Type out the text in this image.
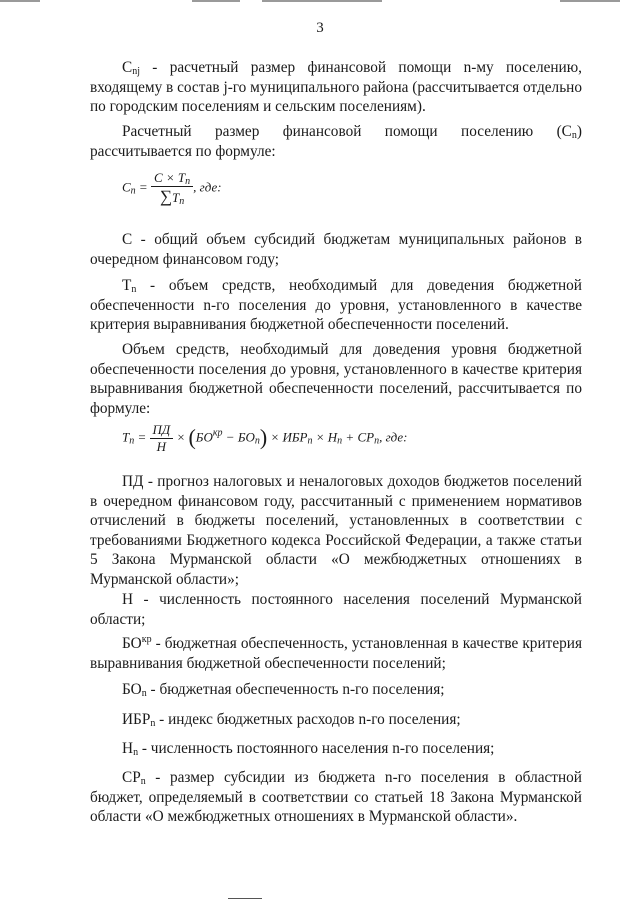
3

$C_{nj}$ - расчетный размер финансовой помощи n-му поселению, входящему в состав j-го муниципального района (рассчитывается отдельно по городским поселениям и сельским поселениям).

Расчетный размер финансовой помощи поселению $(C_n)$ рассчитывается по формуле:

$C_n = \frac{C \times T_n}{\sum T_n}$ , где:

С - общий объем субсидий бюджетам муниципальных районов в очередном финансовом году;

$Т_n$ - объем средств, необходимый для доведения бюджетной обеспеченности n-го поселения до уровня, установленного в качестве критерия выравнивания бюджетной обеспеченности поселений.

Объем средств, необходимый для доведения уровня бюджетной обеспеченности поселения до уровня, установленного в качестве критерия выравнивания бюджетной обеспеченности поселений, рассчитывается по формуле:

$T_n = \frac{ПД}{Н} \times (БО^{кр} - БО_n) \times ИБР_n \times Н_n + СР_n$, где:

ПД - прогноз налоговых и неналоговых доходов бюджетов поселений в очередном финансовом году, рассчитанный с применением нормативов отчислений в бюджеты поселений, установленных в соответствии с требованиями Бюджетного кодекса Российской Федерации, а также статьи 5 Закона Мурманской области «О межбюджетных отношениях в Мурманской области»;

Н - численность постоянного населения поселений Мурманской области;

$БО^{кр}$ - бюджетная обеспеченность, установленная в качестве критерия выравнивания бюджетной обеспеченности поселений;

$БО_n$ - бюджетная обеспеченность n-го поселения;

$ИБР_n$ - индекс бюджетных расходов n-го поселения;

$Н_n$ - численность постоянного населения n-го поселения;

$СР_n$ - размер субсидии из бюджета n-го поселения в областной бюджет, определяемый в соответствии со статьей 18 Закона Мурманской области «О межбюджетных отношениях в Мурманской области».
